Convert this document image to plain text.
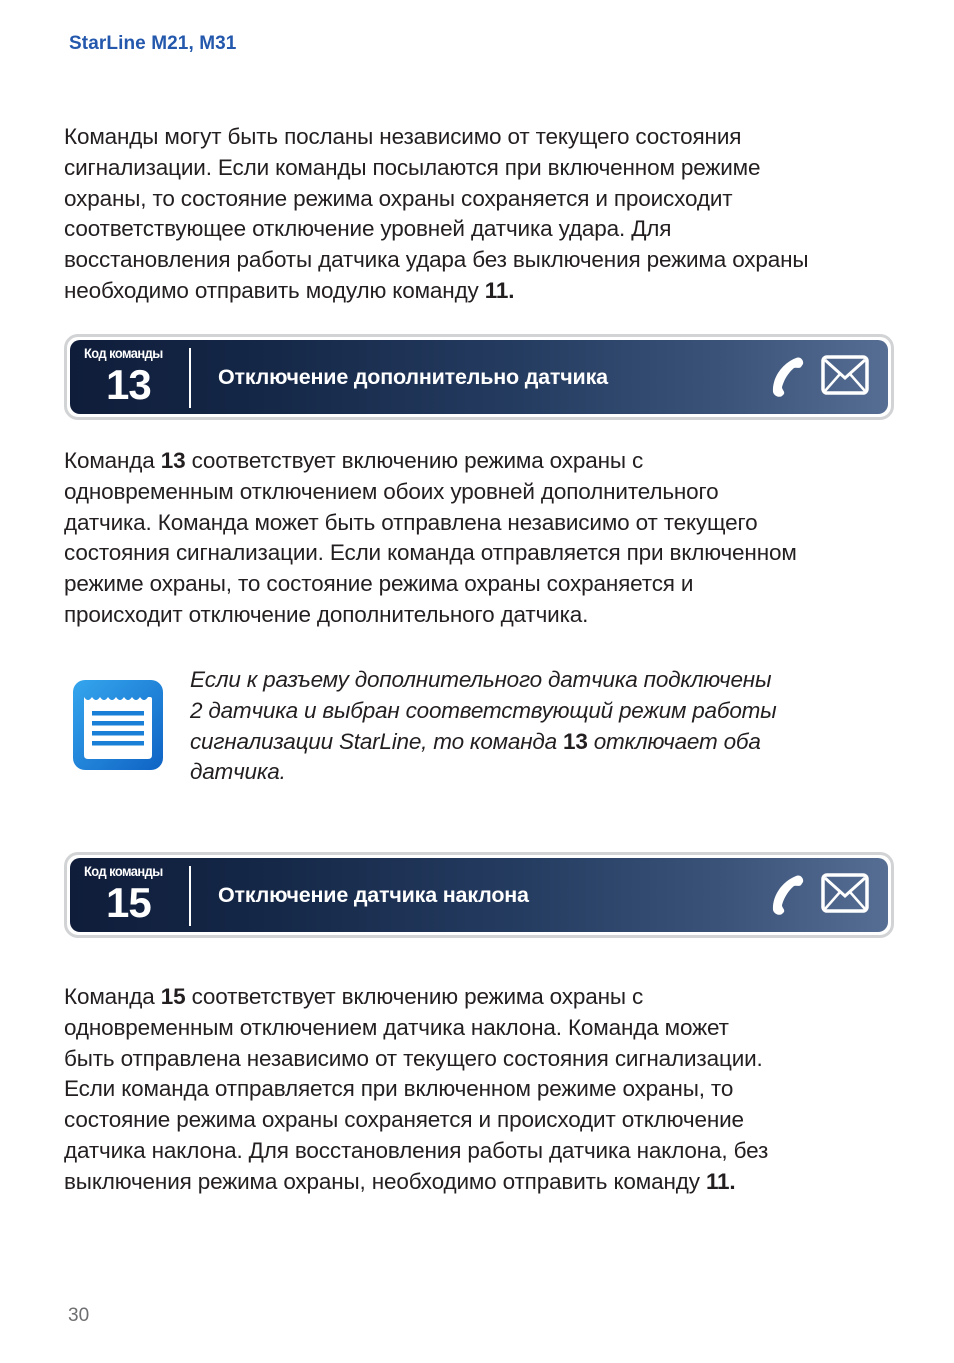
StarLine M21, M31

Команды могут быть посланы независимо от текущего состояния
сигнализации. Если команды посылаются при включенном режиме
охраны, то состояние режима охраны сохраняется и происходит
соответствующее отключение уровней датчика удара. Для
восстановления работы датчика удара без выключения режима охраны
необходимо отправить модулю команду 11.

Код команды
13	Отключение дополнительно датчика

Команда 13 соответствует включению режима охраны с
одновременным отключением обоих уровней дополнительного
датчика. Команда может быть отправлена независимо от текущего
состояния сигнализации. Если команда отправляется при включенном
режиме охраны, то состояние режима охраны сохраняется и
происходит отключение дополнительного датчика.

Если к разъему дополнительного датчика подключены
2 датчика и выбран соответствующий режим работы
сигнализации StarLine, то команда 13 отключает оба
датчика.

Код команды
15	Отключение датчика наклона

Команда 15 соответствует включению режима охраны с
одновременным отключением датчика наклона. Команда может
быть отправлена независимо от текущего состояния сигнализации.
Если команда отправляется при включенном режиме охраны, то
состояние режима охраны сохраняется и происходит отключение
датчика наклона. Для восстановления работы датчика наклона, без
выключения режима охраны, необходимо отправить команду 11.

30
